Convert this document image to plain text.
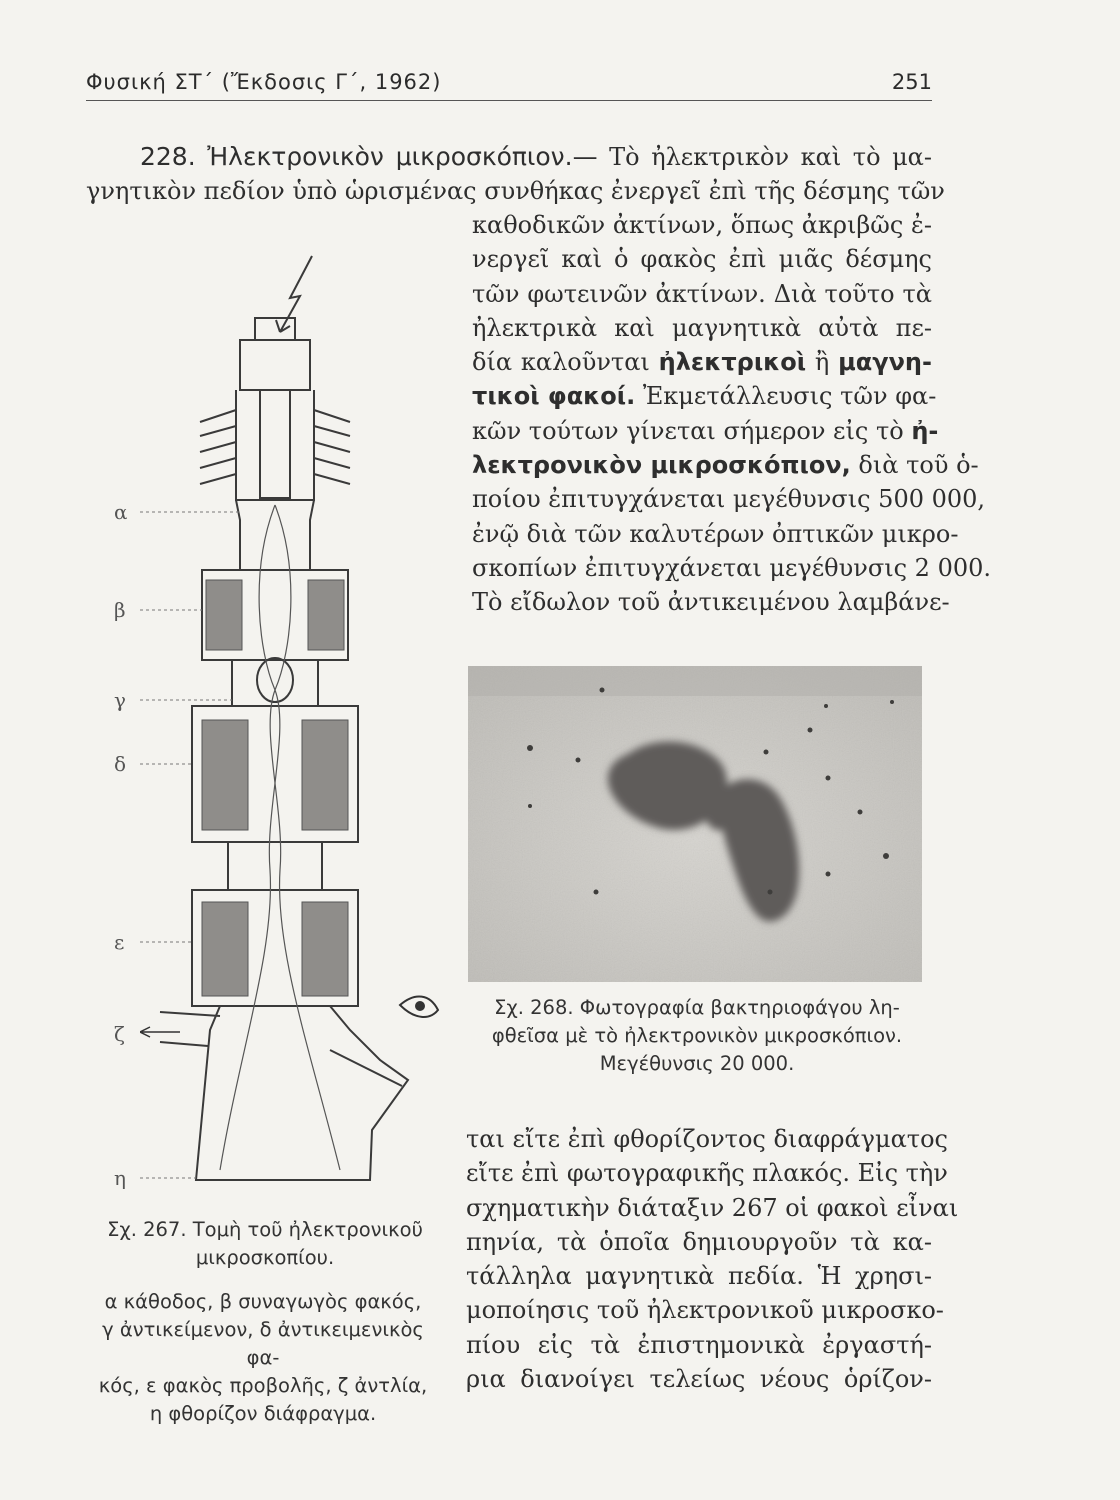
Φυσική ΣΤ΄ (Ἔκδοσις Γ΄, 1962)	251
228. Ἠλεκτρονικὸν μικροσκόπιον.— Τὸ ἠλεκτρικὸν καὶ τὸ μα-
γνητικὸν πεδίον ὑπὸ ὡρισμένας συνθήκας ἐνεργεῖ ἐπὶ τῆς δέσμης τῶν
καθοδικῶν ἀκτίνων, ὅπως ἀκριβῶς ἐ-
νεργεῖ καὶ ὁ φακὸς ἐπὶ μιᾶς δέσμης
τῶν φωτεινῶν ἀκτίνων. Διὰ τοῦτο τὰ
ἠλεκτρικὰ καὶ μαγνητικὰ αὐτὰ πε-
δία καλοῦνται ἠλεκτρικοὶ ἢ μαγνη-
τικοὶ φακοί. Ἐκμετάλλευσις τῶν φα-
κῶν τούτων γίνεται σήμερον εἰς τὸ ἠ-
λεκτρονικὸν μικροσκόπιον, διὰ τοῦ ὁ-
ποίου ἐπιτυγχάνεται μεγέθυνσις 500 000,
ἐνῷ διὰ τῶν καλυτέρων ὀπτικῶν μικρο-
σκοπίων ἐπιτυγχάνεται μεγέθυνσις 2 000.
Τὸ εἴδωλον τοῦ ἀντικειμένου λαμβάνε-
Σχ. 268. Φωτογραφία βακτηριοφάγου λη-
φθεῖσα μὲ τὸ ἠλεκτρονικὸν μικροσκόπιον.
Μεγέθυνσις 20 000.
ται εἴτε ἐπὶ φθορίζοντος διαφράγματος
εἴτε ἐπὶ φωτογραφικῆς πλακός. Εἰς τὴν
σχηματικὴν διάταξιν 267 οἱ φακοὶ εἶναι
πηνία, τὰ ὁποῖα δημιουργοῦν τὰ κα-
τάλληλα μαγνητικὰ πεδία. Ἡ χρησι-
μοποίησις τοῦ ἠλεκτρονικοῦ μικροσκο-
πίου εἰς τὰ ἐπιστημονικὰ ἐργαστή-
ρια διανοίγει τελείως νέους ὁρίζον-
α
β
γ
δ
ε
ζ
η
Σχ. 267. Τομὴ τοῦ ἠλεκτρονικοῦ
μικροσκοπίου.
α κάθοδος, β συναγωγὸς φακός,
γ ἀντικείμενον, δ ἀντικειμενικὸς φα-
κός, ε φακὸς προβολῆς, ζ ἀντλία,
η φθορίζον διάφραγμα.
